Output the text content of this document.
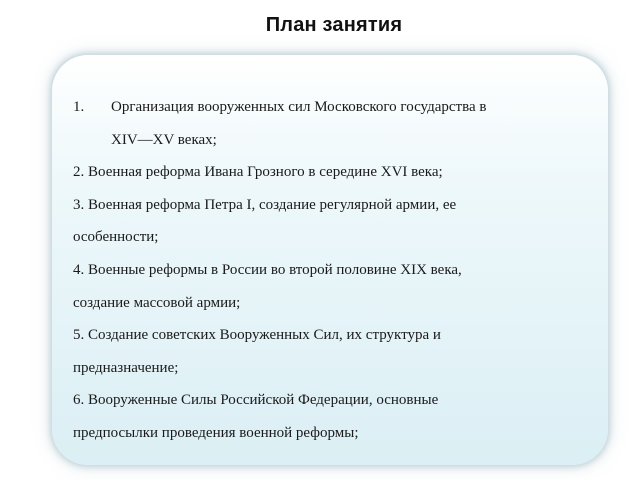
План занятия
1. Организация вооруженных сил Московского государства в
XIV—XV веках;
2. Военная реформа Ивана Грозного в середине XVI века;
3. Военная реформа Петра I, создание регулярной армии, ее
особенности;
4. Военные реформы в России во второй половине XIX века,
создание массовой армии;
5. Создание советских Вооруженных Сил, их структура и
предназначение;
6. Вооруженные Силы Российской Федерации, основные
предпосылки проведения военной реформы;
